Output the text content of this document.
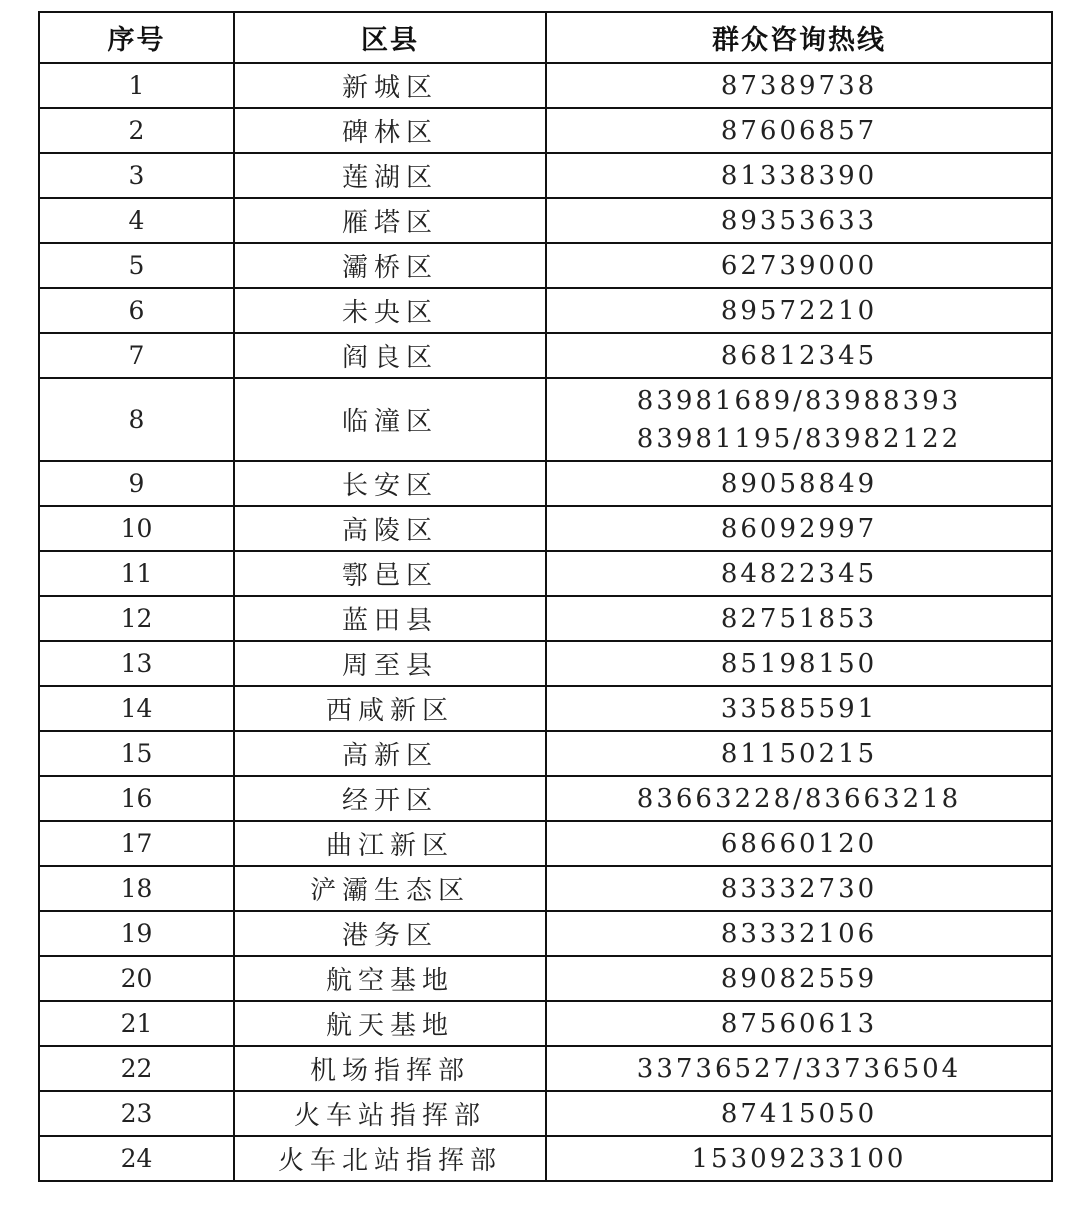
序号	区县	群众咨询热线
1	新城区	87389738
2	碑林区	87606857
3	莲湖区	81338390
4	雁塔区	89353633
5	灞桥区	62739000
6	未央区	89572210
7	阎良区	86812345
8	临潼区	83981689/83988393
83981195/83982122

9	长安区	89058849
10	高陵区	86092997
11	鄠邑区	84822345
12	蓝田县	82751853
13	周至县	85198150
14	西咸新区	33585591
15	高新区	81150215
16	经开区	83663228/83663218
17	曲江新区	68660120
18	浐灞生态区	83332730
19	港务区	83332106
20	航空基地	89082559
21	航天基地	87560613
22	机场指挥部	33736527/33736504
23	火车站指挥部	87415050
24	火车北站指挥部	15309233100
